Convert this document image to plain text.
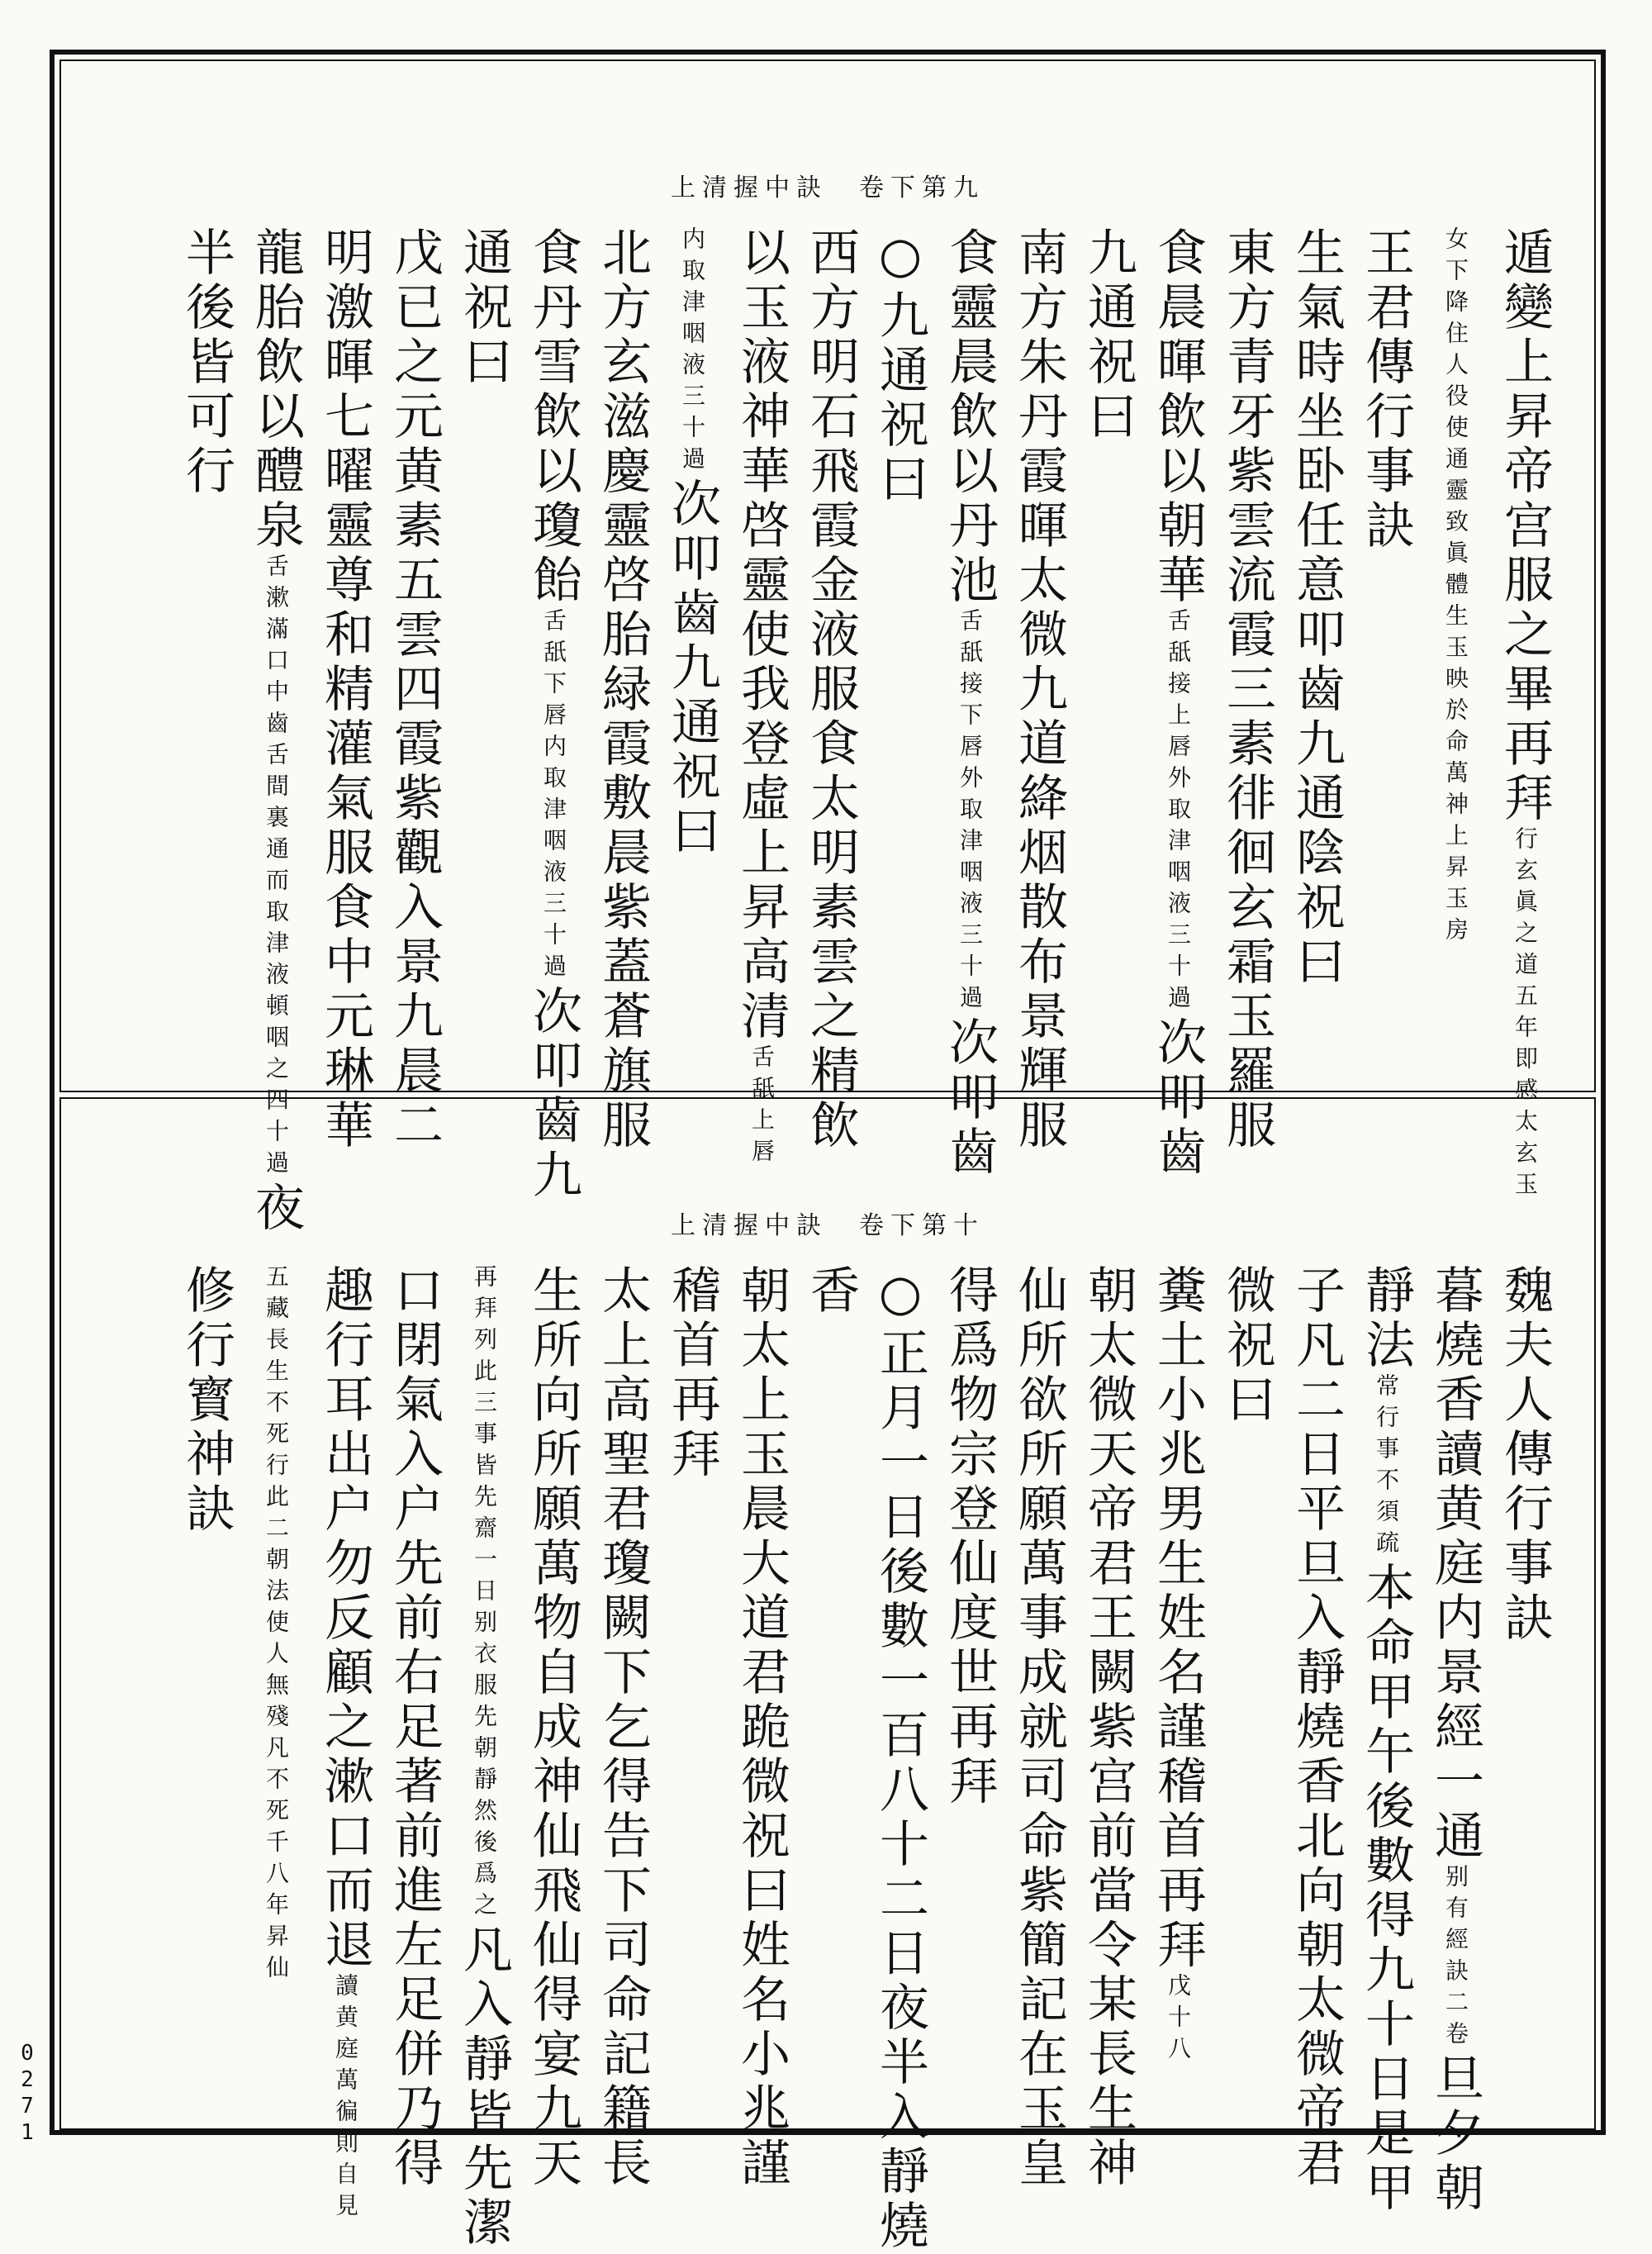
上清握中訣　卷下第九
遁變上昇帝宫服之畢再拜行玄眞之道五年即感太玄玉
女下降住人役使通靈致眞體生玉映於命萬神上昇玉房
王君傳行事訣
生氣時坐卧任意叩齒九通陰祝曰
東方青牙紫雲流霞三素徘徊玄霜玉羅服
食晨暉飲以朝華舌舐接上唇外取津咽液三十過次叩齒
九通祝曰
南方朱丹霞暉太微九道絳烟散布景輝服
食靈晨飲以丹池舌舐接下唇外取津咽液三十過次叩齒
○九通祝曰
西方明石飛霞金液服食太明素雲之精飲
以玉液神華啓靈使我登虛上昇高清舌舐上唇
内取津咽液三十過次叩齒九通祝曰
北方玄滋慶靈啓胎緑霞敷晨紫蓋蒼旗服
食丹雪飲以瓊飴舌舐下唇内取津咽液三十過次叩齒九
通祝曰
戊已之元黄素五雲四霞紫觀入景九晨二
明激暉七曜靈尊和精灌氣服食中元琳華
龍胎飲以醴泉舌漱滿口中齒舌間裏通而取津液頓咽之四十過夜
半後皆可行
上清握中訣　卷下第十
魏夫人傳行事訣
暮燒香讀黄庭内景經一通别有經訣二卷旦夕朝
靜法常行事不須疏本命甲午後數得九十日是甲
子凡二日平旦入靜燒香北向朝太微帝君
微祝曰
糞土小兆男生姓名謹稽首再拜戊十八
朝太微天帝君王闕紫宫前當令某長生神
仙所欲所願萬事成就司命紫簡記在玉皇
得爲物宗登仙度世再拜
○正月一日後數一百八十二日夜半入靜燒
香
朝太上玉晨大道君跪微祝曰姓名小兆謹
稽首再拜
太上高聖君瓊闕下乞得告下司命記籍長
生所向所願萬物自成神仙飛仙得宴九天
再拜列此三事皆先齋一日别衣服先朝靜然後爲之凡入靜皆先潔
口閉氣入户先前右足著前進左足併乃得
趣行耳出户勿反顧之漱口而退讀黄庭萬徧則自見
五藏長生不死行此二朝法使人無殘凡不死千八年昇仙
修行寳神訣
0271
